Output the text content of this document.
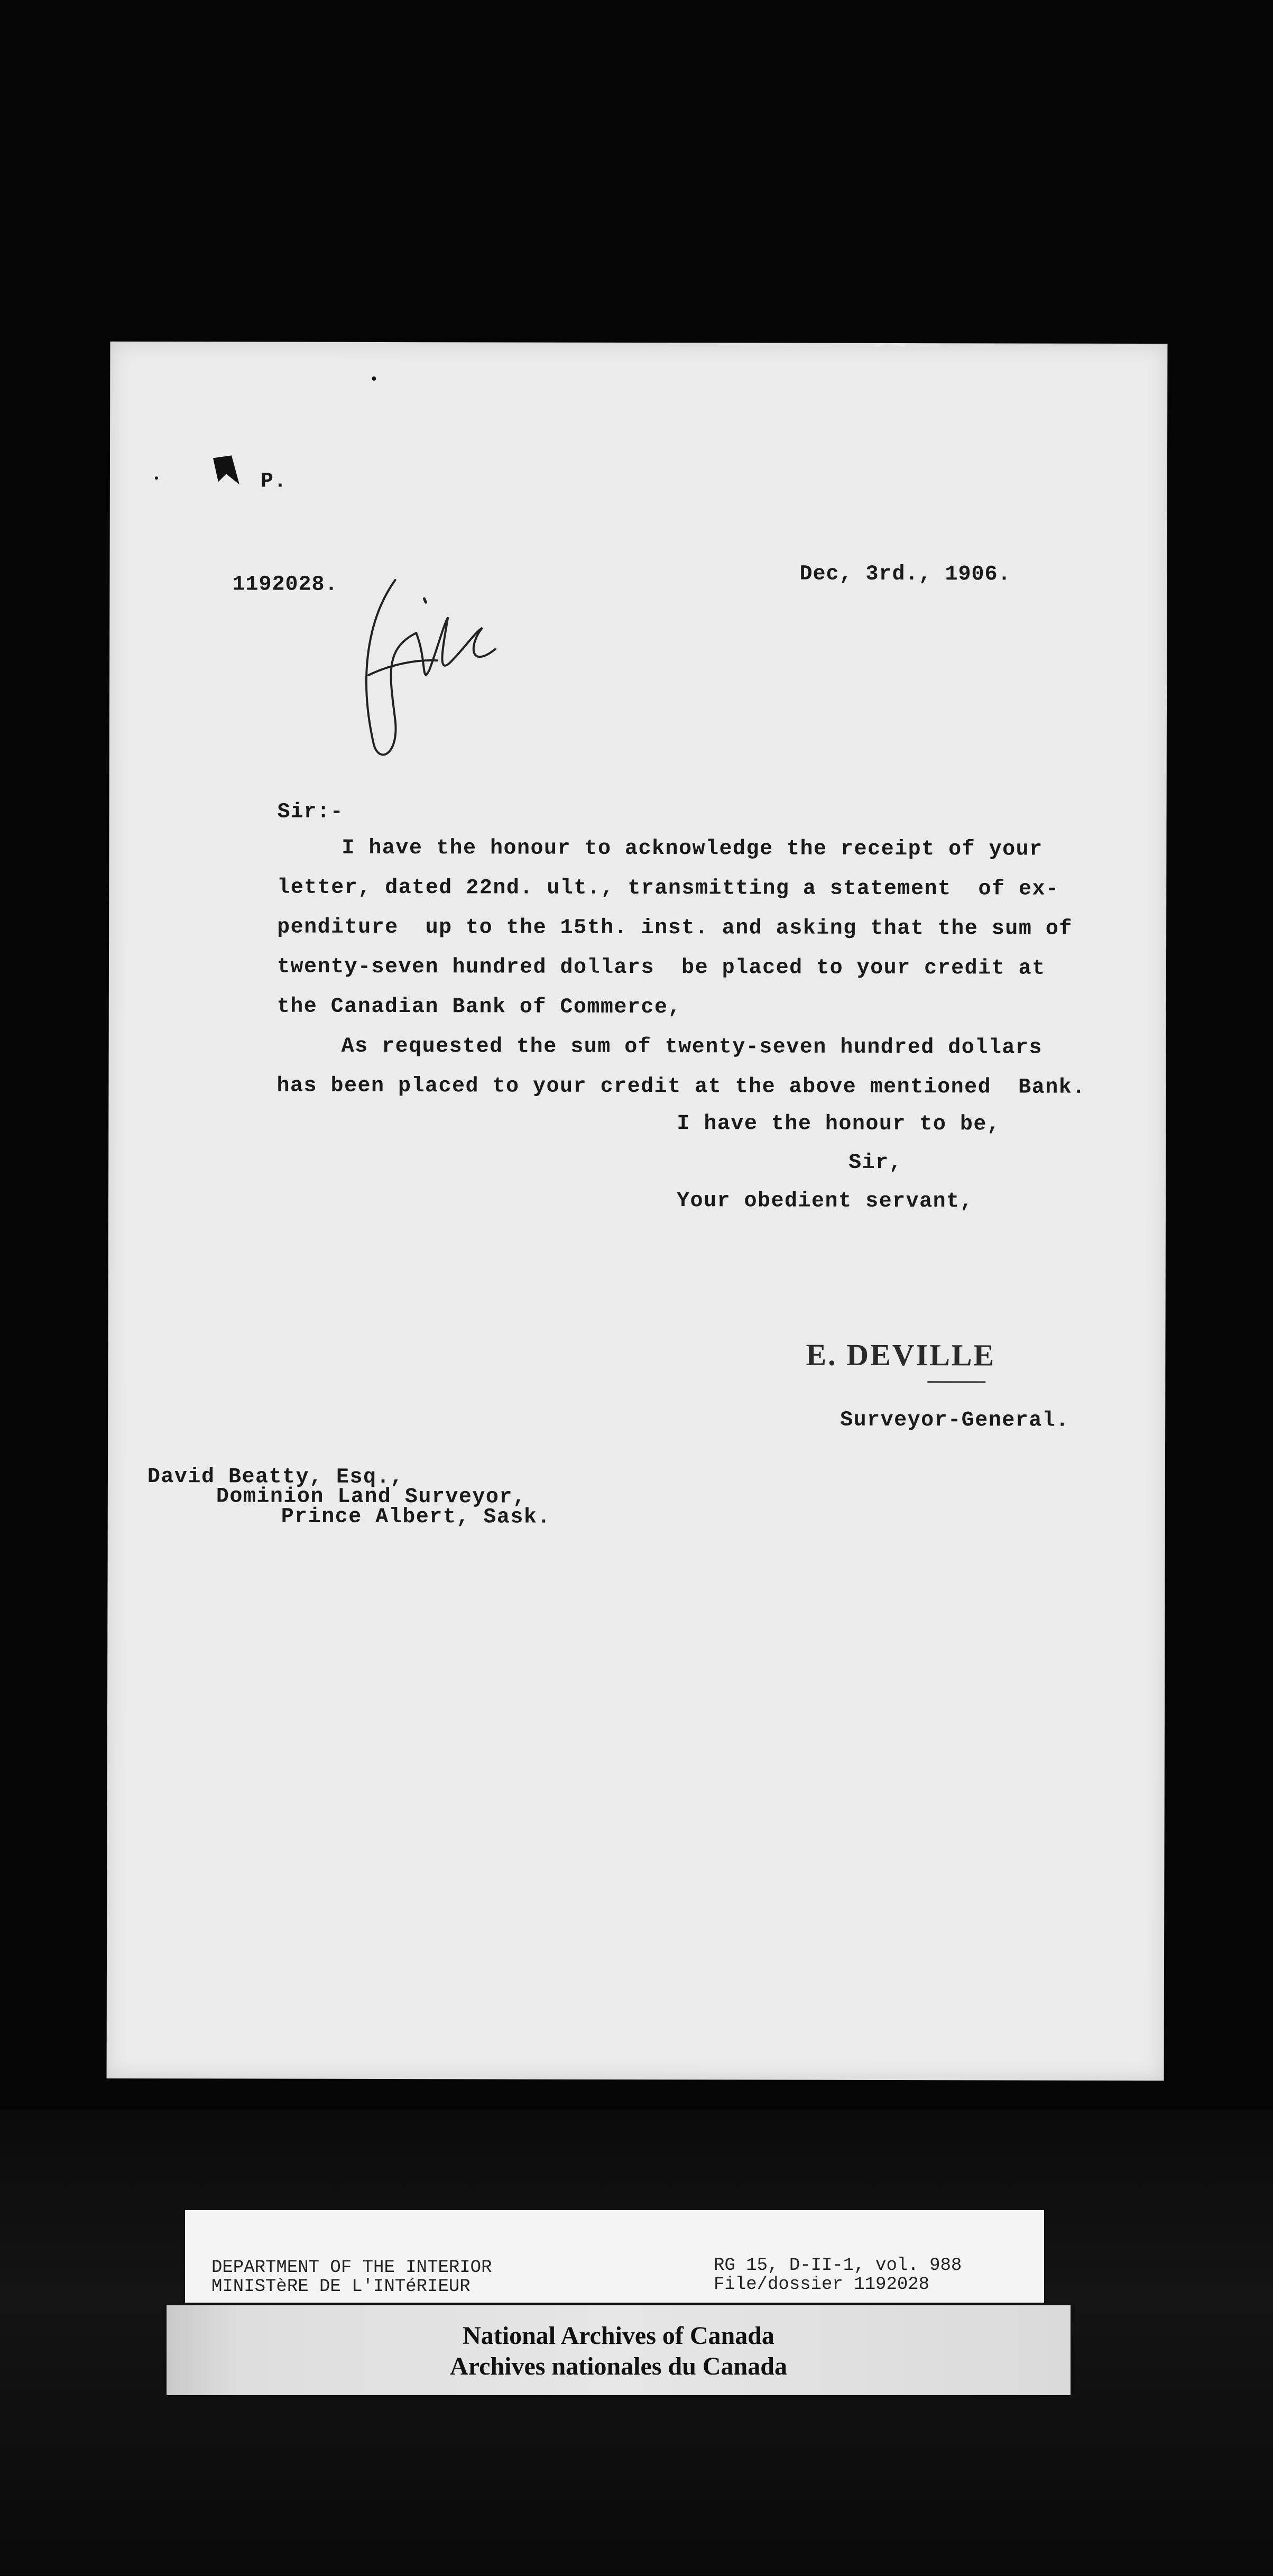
P.
1192028.	Dec, 3rd., 1906.
Sir:-
I have the honour to acknowledge the receipt of your
letter, dated 22nd. ult., transmitting a statement  of ex-
penditure  up to the 15th. inst. and asking that the sum of
twenty-seven hundred dollars  be placed to your credit at
the Canadian Bank of Commerce,
As requested the sum of twenty-seven hundred dollars
has been placed to your credit at the above mentioned  Bank.
I have the honour to be,
Sir,
Your obedient servant,
E. DEVILLE
Surveyor-General.
David Beatty, Esq.,
Dominion Land Surveyor,
Prince Albert, Sask.
DEPARTMENT OF THE INTERIOR
MINISTèRE DE L'INTéRIEUR
RG 15, D-II-1, vol. 988
File/dossier 1192028
National Archives of Canada
Archives nationales du Canada
